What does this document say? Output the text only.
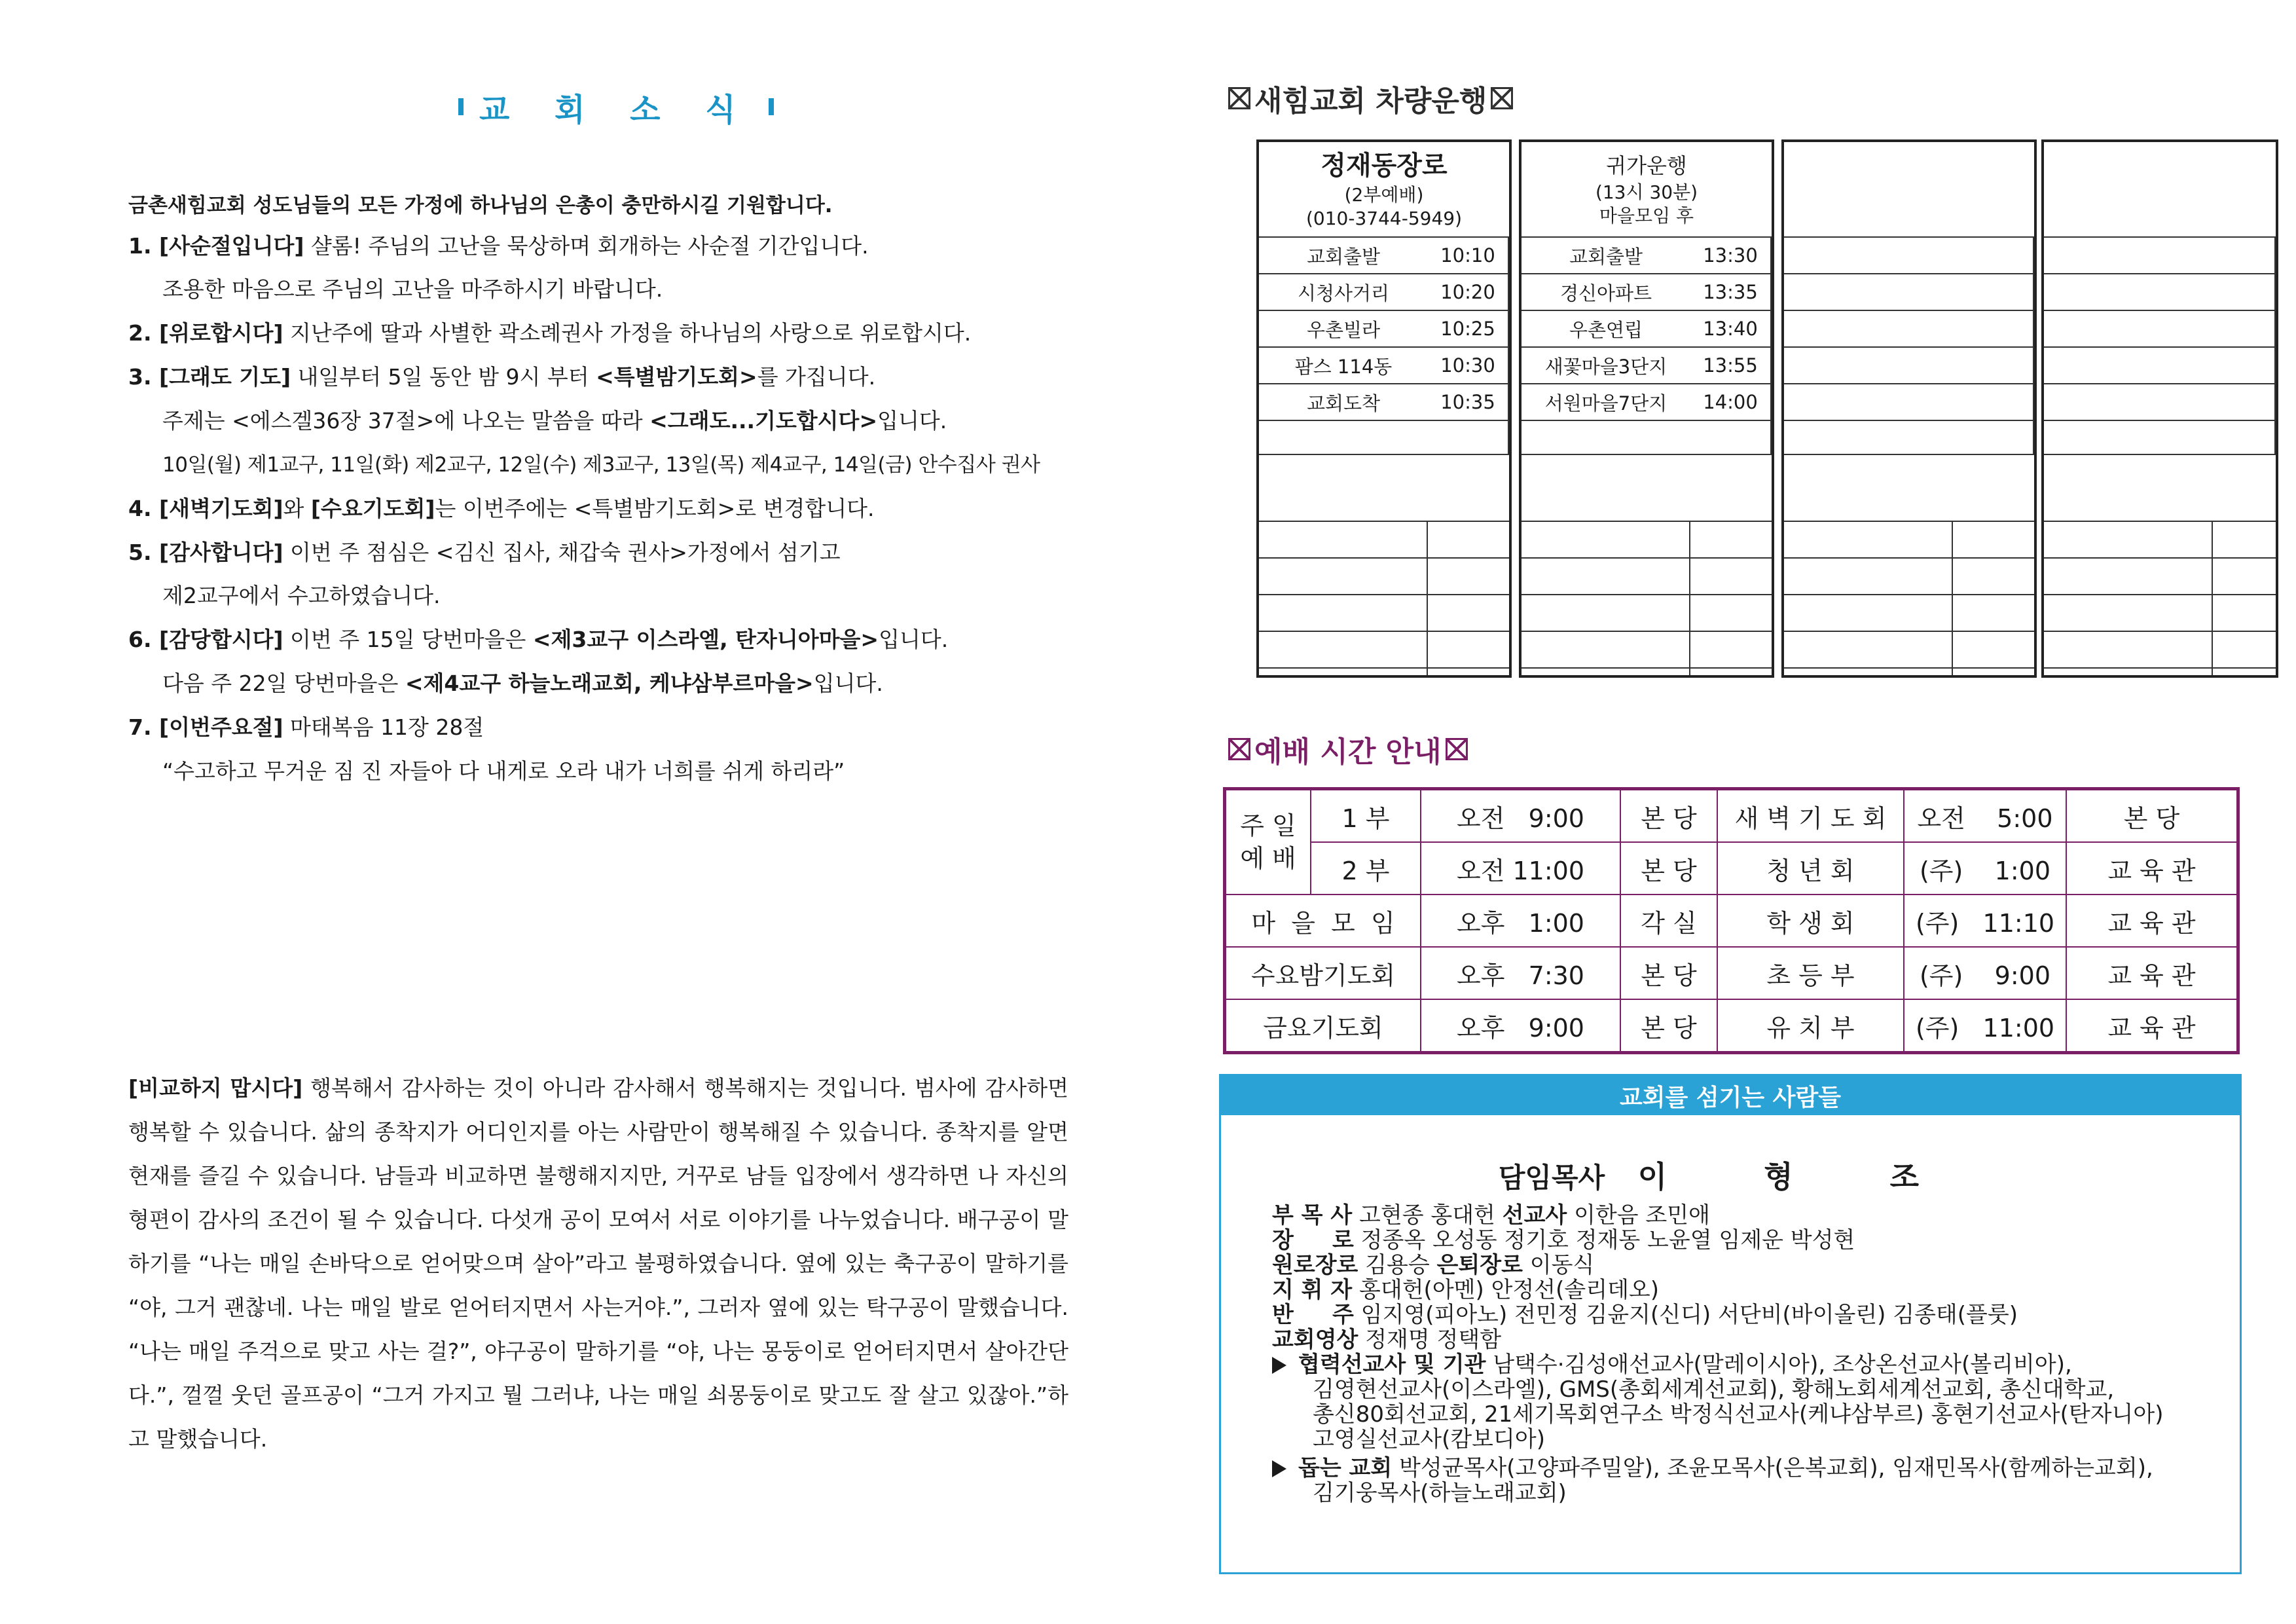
교 회 소 식
금촌새힘교회 성도님들의 모든 가정에 하나님의 은총이 충만하시길 기원합니다.
1. [사순절입니다] 샬롬! 주님의 고난을 묵상하며 회개하는 사순절 기간입니다.
조용한 마음으로 주님의 고난을 마주하시기 바랍니다.
2. [위로합시다] 지난주에 딸과 사별한 곽소례권사 가정을 하나님의 사랑으로 위로합시다.
3. [그래도 기도] 내일부터 5일 동안 밤 9시 부터 <특별밤기도회>를 가집니다.
주제는 <에스겔36장 37절>에 나오는 말씀을 따라 <그래도...기도합시다>입니다.
10일(월) 제1교구, 11일(화) 제2교구, 12일(수) 제3교구, 13일(목) 제4교구, 14일(금) 안수집사 권사
4. [새벽기도회]와 [수요기도회]는 이번주에는 <특별밤기도회>로 변경합니다.
5. [감사합니다] 이번 주 점심은 <김신 집사, 채갑숙 권사>가정에서 섬기고
제2교구에서 수고하였습니다.
6. [감당합시다] 이번 주 15일 당번마을은 <제3교구 이스라엘, 탄자니아마을>입니다.
다음 주 22일 당번마을은 <제4교구 하늘노래교회, 케냐삼부르마을>입니다.
7. [이번주요절] 마태복음 11장 28절
“수고하고 무거운 짐 진 자들아 다 내게로 오라 내가 너희를 쉬게 하리라”
[비교하지 맙시다] 행복해서 감사하는 것이 아니라 감사해서 행복해지는 것입니다. 범사에 감사하면 행복할 수 있습니다. 삶의 종착지가 어디인지를 아는 사람만이 행복해질 수 있습니다. 종착지를 알면 현재를 즐길 수 있습니다. 남들과 비교하면 불행해지지만, 거꾸로 남들 입장에서 생각하면 나 자신의 형편이 감사의 조건이 될 수 있습니다. 다섯개 공이 모여서 서로 이야기를 나누었습니다. 배구공이 말하기를 “나는 매일 손바닥으로 얻어맞으며 살아”라고 불평하였습니다. 옆에 있는 축구공이 말하기를 “야, 그거 괜찮네. 나는 매일 발로 얻어터지면서 사는거야.”, 그러자 옆에 있는 탁구공이 말했습니다. “나는 매일 주걱으로 맞고 사는 걸?”, 야구공이 말하기를 “야, 나는 몽둥이로 얻어터지면서 살아간단다.”, 껄껄 웃던 골프공이 “그거 가지고 뭘 그러냐, 나는 매일 쇠몽둥이로 맞고도 잘 살고 있잖아.”하고 말했습니다.
새힘교회 차량운행
정재동장로
(2부예배)
(010-3744-5949)
교회출발	10:10
시청사거리	10:20
우촌빌라	10:25
팜스 114동	10:30
교회도착	10:35
귀가운행
(13시 30분)
마을모임 후
교회출발	13:30
경신아파트	13:35
우촌연립	13:40
새꽃마을3단지	13:55
서원마을7단지	14:00
예배 시간 안내
주 일
예 배	1 부	오전   9:00	본 당	새 벽 기 도 회	오전    5:00	본 당
	2 부	오전 11:00	본 당	청 년 회	(주)    1:00	교 육 관
마  을  모  임		오후   1:00	각 실	학 생 회	(주)   11:10	교 육 관
수요밤기도회		오후   7:30	본 당	초 등 부	(주)    9:00	교 육 관
금요기도회		오후   9:00	본 당	유 치 부	(주)   11:00	교 육 관
교회를 섬기는 사람들
담임목사 이 형 조
부 목 사 고현종 홍대헌 선교사 이한음 조민애
장     로 정종옥 오성동 정기호 정재동 노윤열 임제운 박성현
원로장로 김용승 은퇴장로 이동식
지 휘 자 홍대헌(아멘) 안정선(솔리데오)
반     주 임지영(피아노) 전민정 김윤지(신디) 서단비(바이올린) 김종태(플룻)
교회영상 정재명 정택함
협력선교사 및 기관 남택수·김성애선교사(말레이시아), 조상온선교사(볼리비아),
김영현선교사(이스라엘), GMS(총회세계선교회), 황해노회세계선교회, 총신대학교,
총신80회선교회, 21세기목회연구소 박정식선교사(케냐삼부르) 홍현기선교사(탄자니아)
고영실선교사(캄보디아)
돕는 교회 박성균목사(고양파주밀알), 조윤모목사(은복교회), 임재민목사(함께하는교회),
김기웅목사(하늘노래교회)
